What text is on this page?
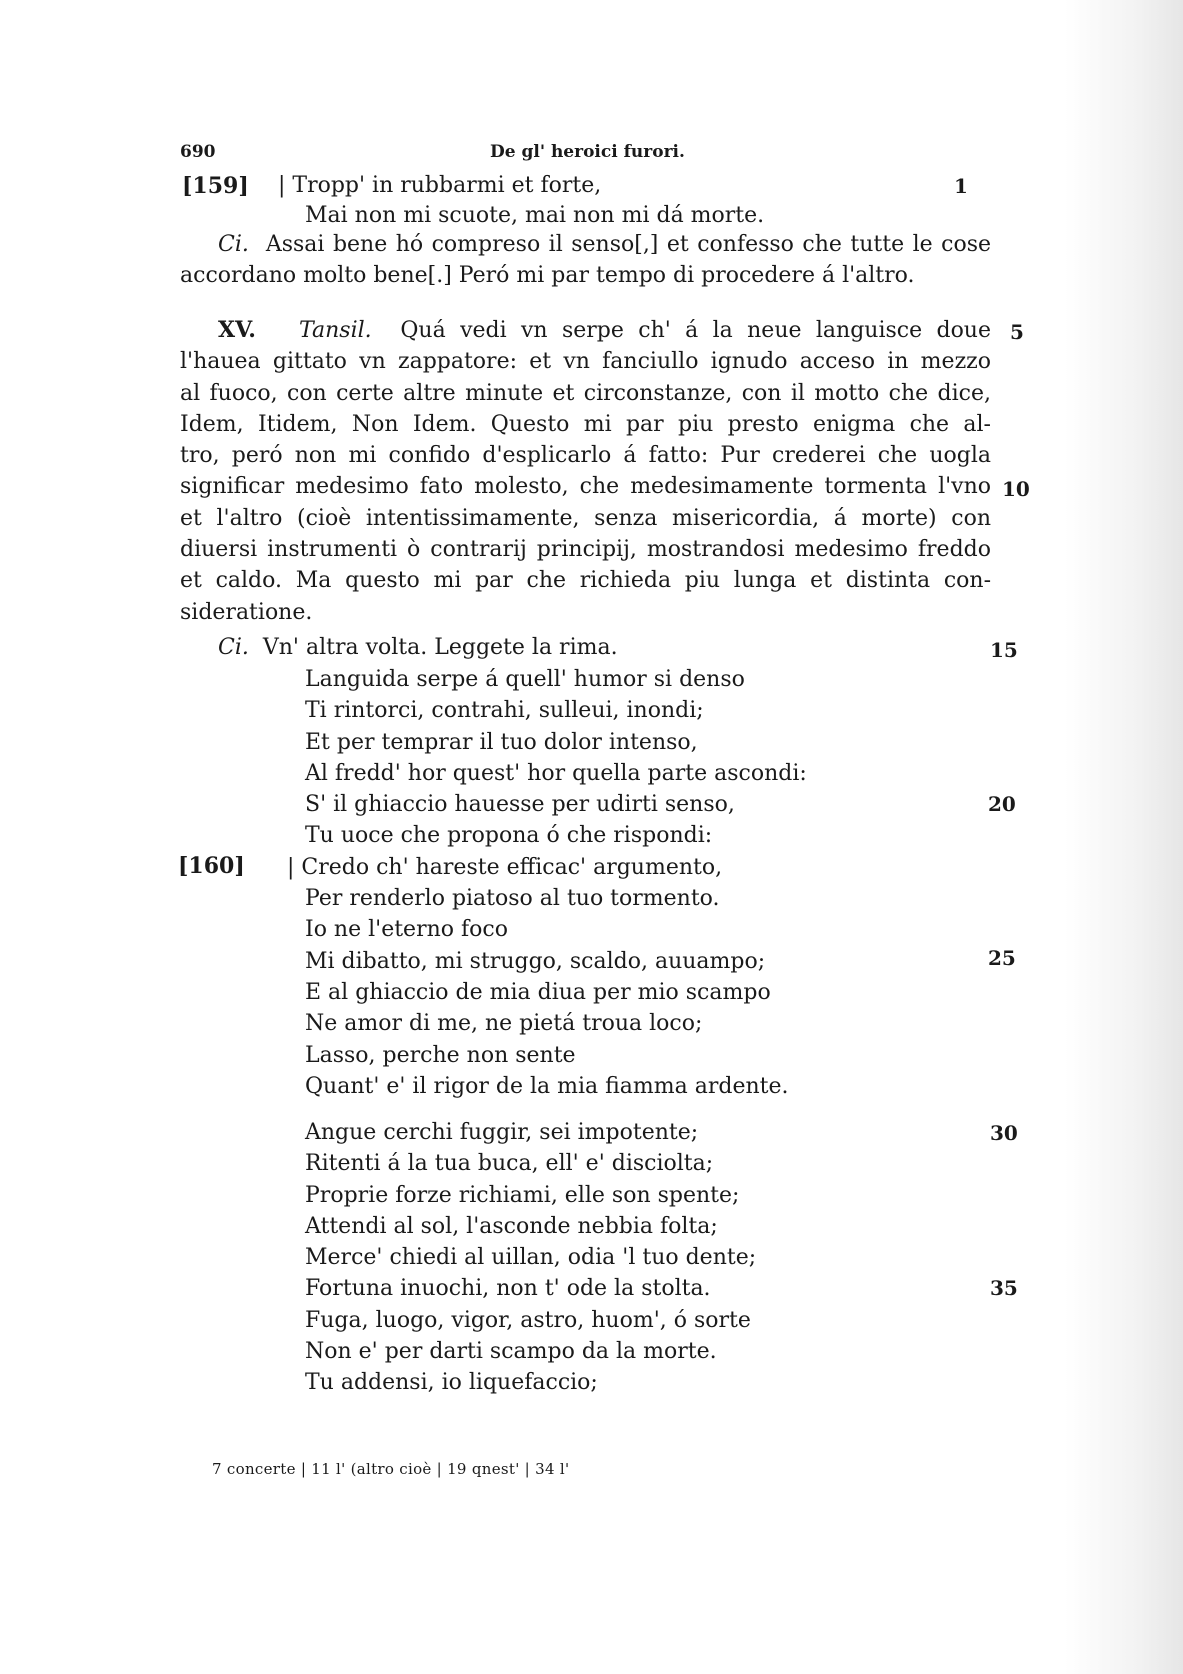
690	De gl' heroici furori.
[159] | Tropp' in rubbarmi et forte,	1
Mai non mi scuote, mai non mi dá morte.
Ci. Assai bene hó compreso il senso[,] et confesso che tutte le cose
accordano molto bene[.] Peró mi par tempo di procedere á l'altro.
XV. Tansil. Quá vedi vn serpe ch' á la neue languisce doue
l'hauea gittato vn zappatore: et vn fanciullo ignudo acceso in mezzo
al fuoco, con certe altre minute et circonstanze, con il motto che dice,
Idem, Itidem, Non Idem. Questo mi par piu presto enigma che al-
tro, peró non mi confido d'esplicarlo á fatto: Pur crederei che uogla
significar medesimo fato molesto, che medesimamente tormenta l'vno
et l'altro (cioè intentissimamente, senza misericordia, á morte) con
diuersi instrumenti ò contrarij principij, mostrandosi medesimo freddo
et caldo. Ma questo mi par che richieda piu lunga et distinta con-
sideratione.
5
10
Ci. Vn' altra volta. Leggete la rima.	15
Languida serpe á quell' humor si denso
Ti rintorci, contrahi, sulleui, inondi;
Et per temprar il tuo dolor intenso,
Al fredd' hor quest' hor quella parte ascondi:
S' il ghiaccio hauesse per udirti senso,
Tu uoce che propona ó che rispondi:
| Credo ch' hareste efficac' argumento,
Per renderlo piatoso al tuo tormento.
Io ne l'eterno foco
Mi dibatto, mi struggo, scaldo, auuampo;
E al ghiaccio de mia diua per mio scampo
Ne amor di me, ne pietá troua loco;
Lasso, perche non sente
Quant' e' il rigor de la mia fiamma ardente.
[160]
20
25
Angue cerchi fuggir, sei impotente;
Ritenti á la tua buca, ell' e' disciolta;
Proprie forze richiami, elle son spente;
Attendi al sol, l'asconde nebbia folta;
Merce' chiedi al uillan, odia 'l tuo dente;
Fortuna inuochi, non t' ode la stolta.
Fuga, luogo, vigor, astro, huom', ó sorte
Non e' per darti scampo da la morte.
Tu addensi, io liquefaccio;
30
35
7 concerte | 11 l' (altro cioè | 19 qnest' | 34 l'
